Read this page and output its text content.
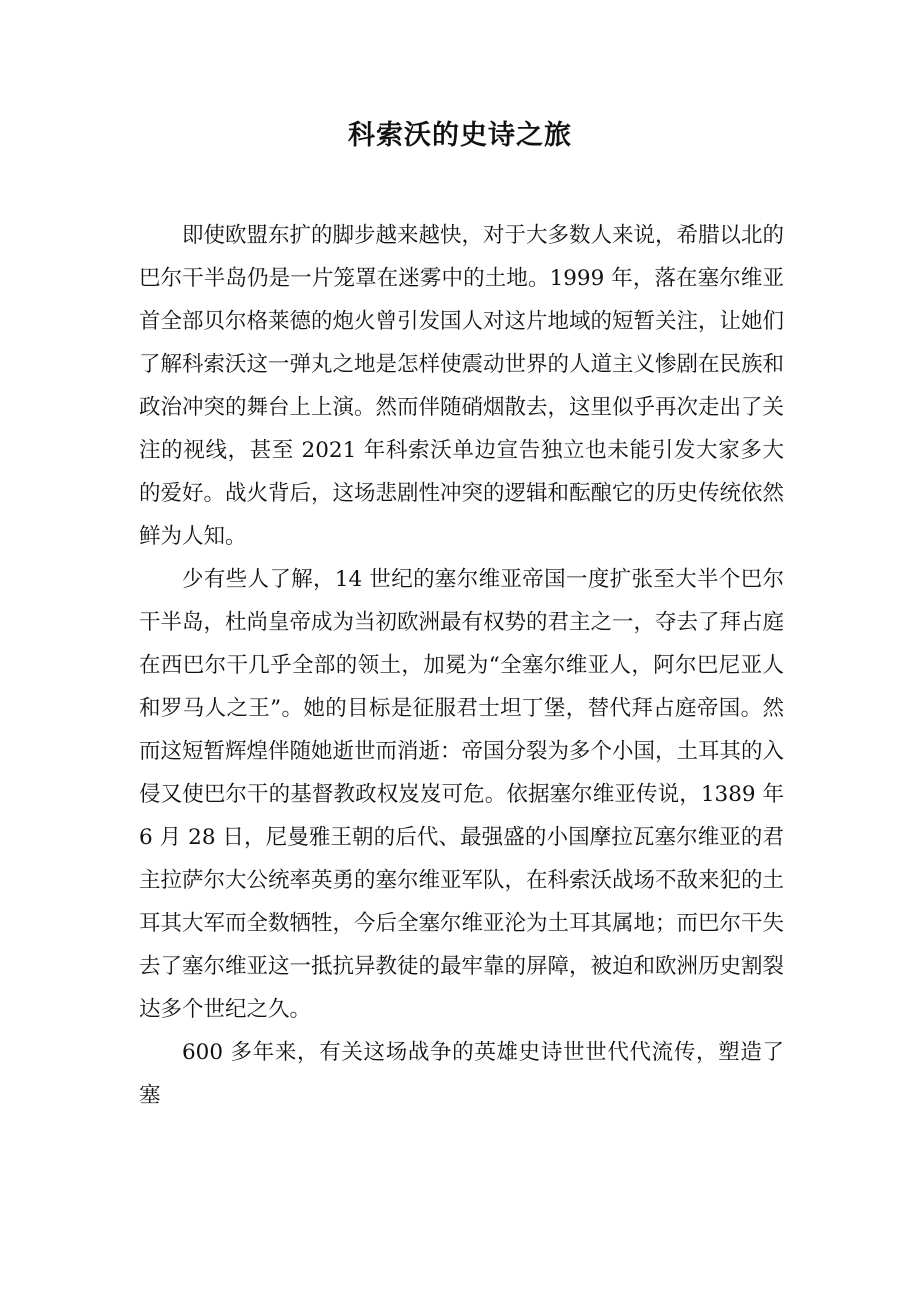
科索沃的史诗之旅

即使欧盟东扩的脚步越来越快，对于大多数人来说，希腊以北的巴尔干半岛仍是一片笼罩在迷雾中的土地。1999 年，落在塞尔维亚首全部贝尔格莱德的炮火曾引发国人对这片地域的短暂关注，让她们了解科索沃这一弹丸之地是怎样使震动世界的人道主义惨剧在民族和政治冲突的舞台上上演。然而伴随硝烟散去，这里似乎再次走出了关注的视线，甚至 2021 年科索沃单边宣告独立也未能引发大家多大的爱好。战火背后，这场悲剧性冲突的逻辑和酝酿它的历史传统依然鲜为人知。

少有些人了解，14 世纪的塞尔维亚帝国一度扩张至大半个巴尔干半岛，杜尚皇帝成为当初欧洲最有权势的君主之一，夺去了拜占庭在西巴尔干几乎全部的领土，加冕为“全塞尔维亚人，阿尔巴尼亚人和罗马人之王”。她的目标是征服君士坦丁堡，替代拜占庭帝国。然而这短暂辉煌伴随她逝世而消逝：帝国分裂为多个小国，土耳其的入侵又使巴尔干的基督教政权岌岌可危。依据塞尔维亚传说，1389 年 6 月 28 日，尼曼雅王朝的后代、最强盛的小国摩拉瓦塞尔维亚的君主拉萨尔大公统率英勇的塞尔维亚军队，在科索沃战场不敌来犯的土耳其大军而全数牺牲，今后全塞尔维亚沦为土耳其属地；而巴尔干失去了塞尔维亚这一抵抗异教徒的最牢靠的屏障，被迫和欧洲历史割裂达多个世纪之久。

600 多年来，有关这场战争的英雄史诗世世代代流传，塑造了塞
